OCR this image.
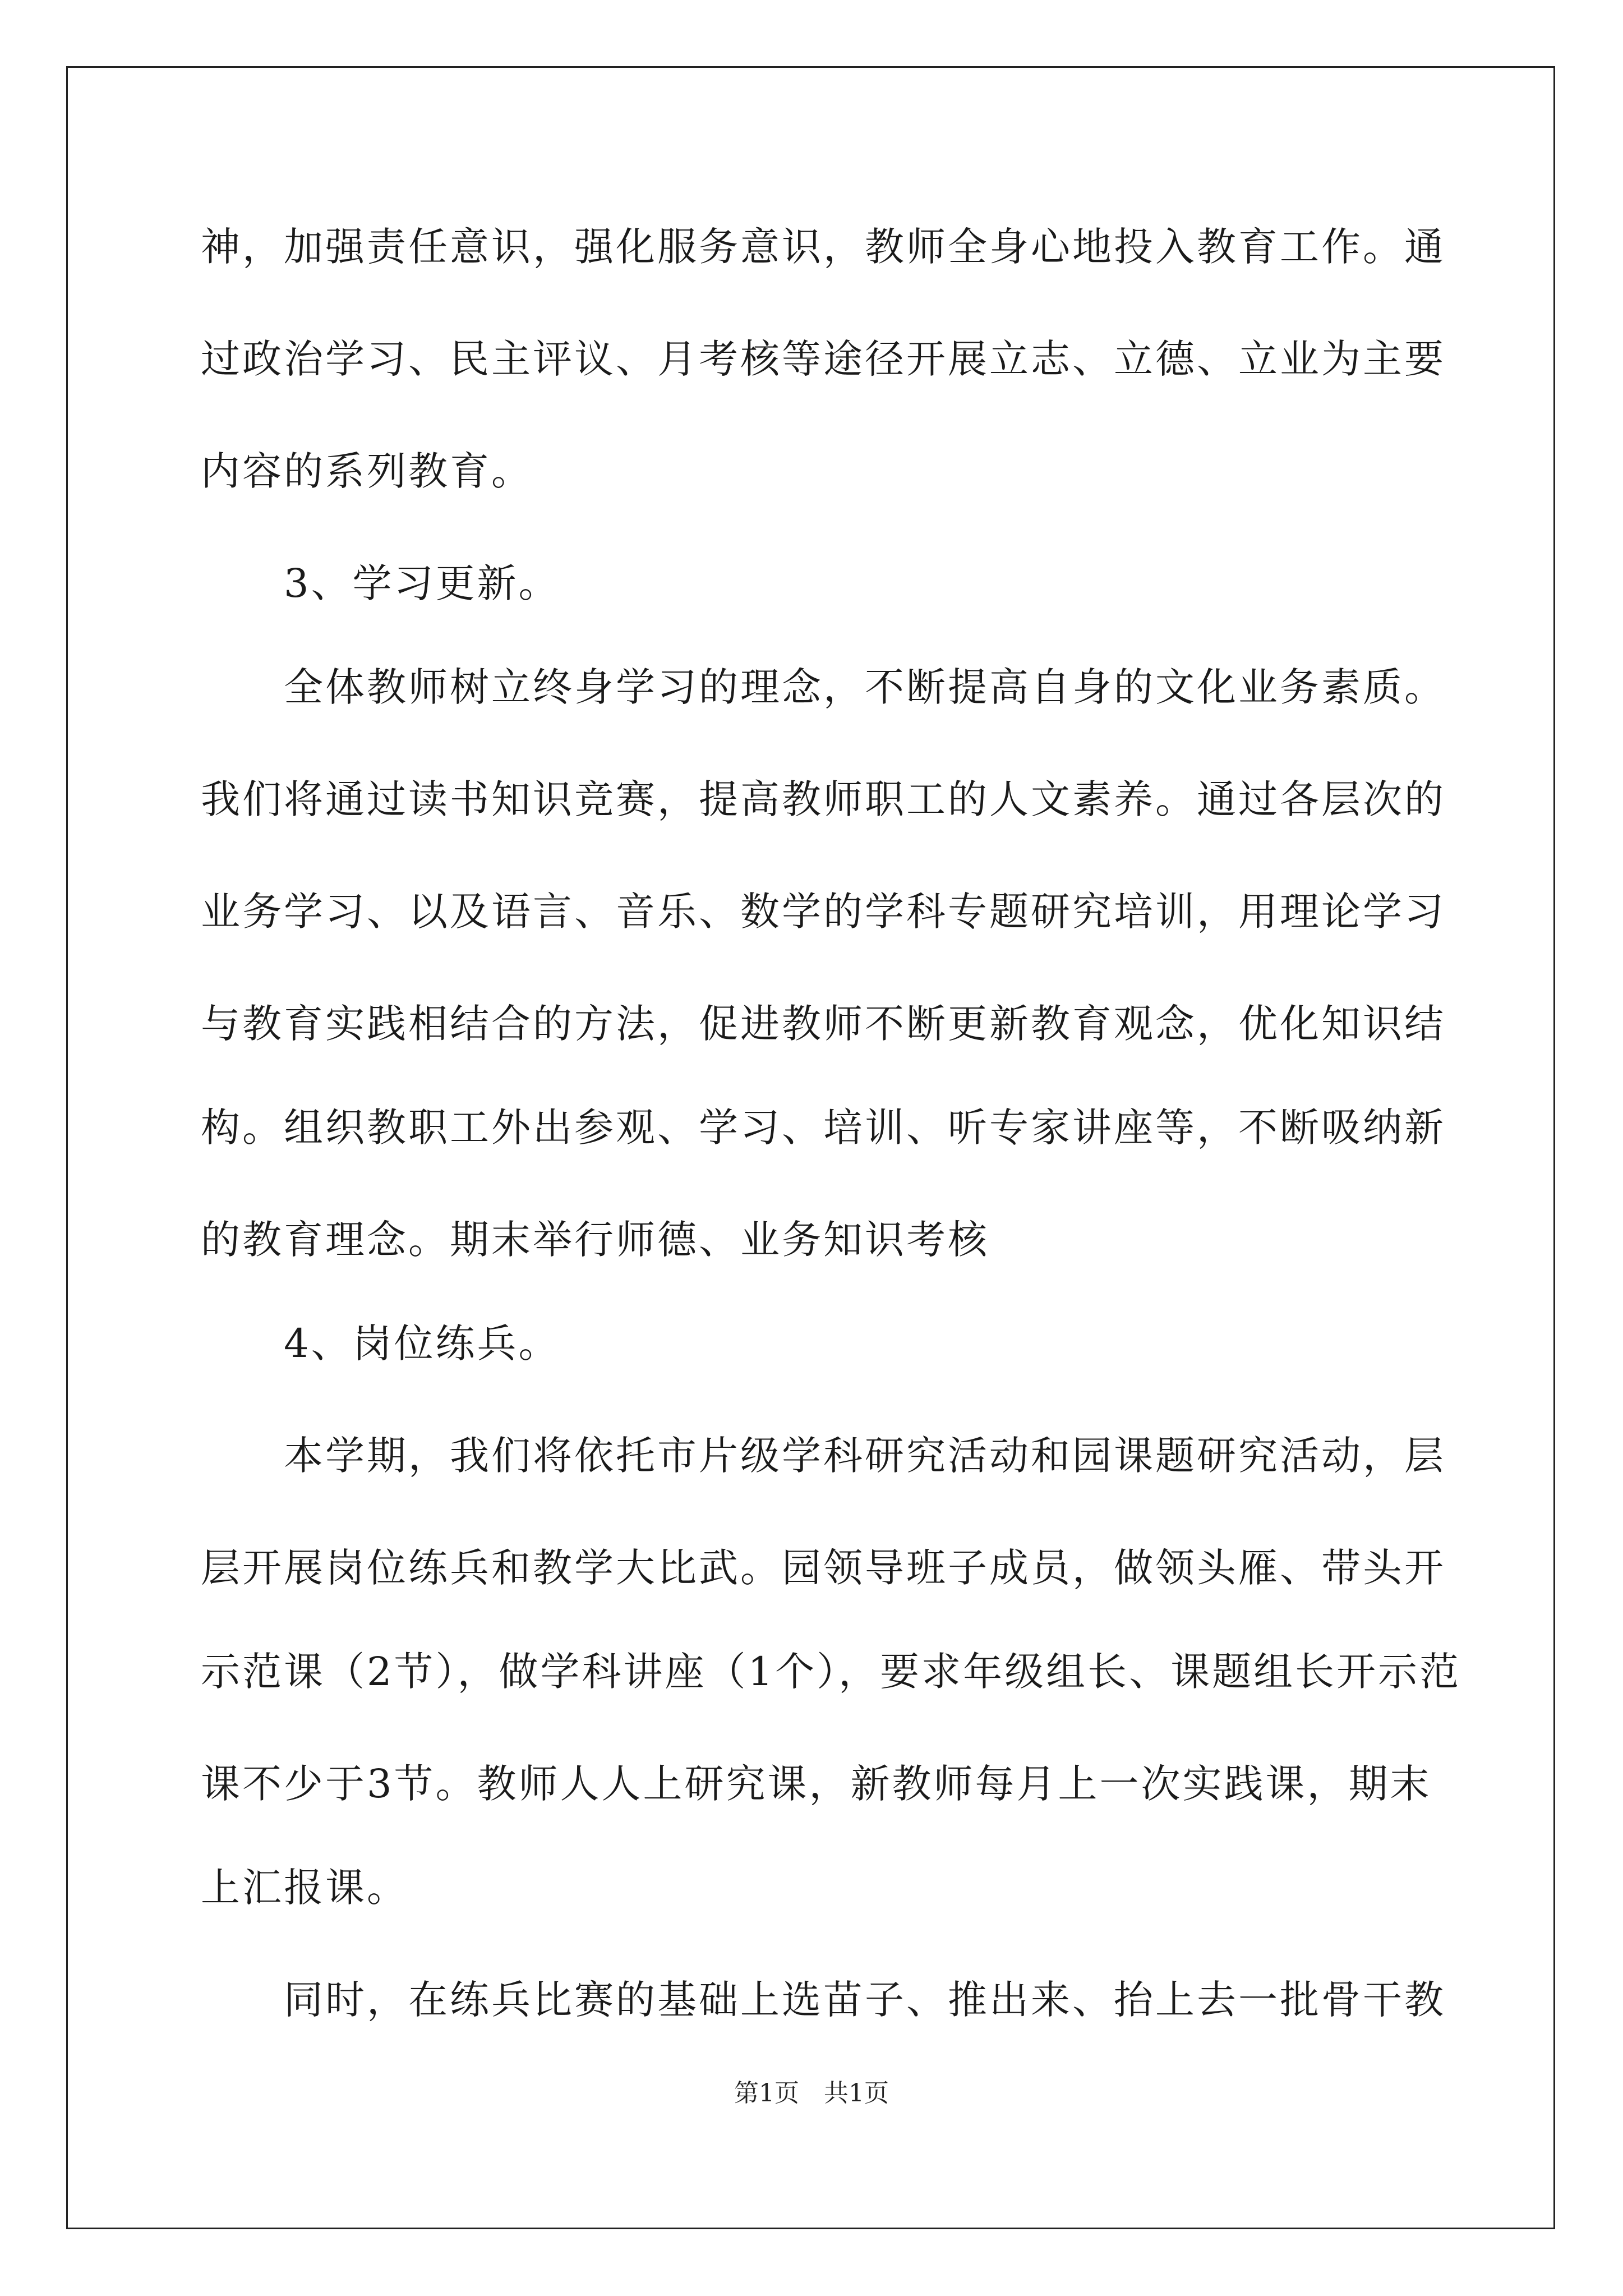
神，加强责任意识，强化服务意识，教师全身心地投入教育工作。通
过政治学习、民主评议、月考核等途径开展立志、立德、立业为主要
内容的系列教育。
　　3、学习更新。
　　全体教师树立终身学习的理念，不断提高自身的文化业务素质。
我们将通过读书知识竞赛，提高教师职工的人文素养。通过各层次的
业务学习、以及语言、音乐、数学的学科专题研究培训，用理论学习
与教育实践相结合的方法，促进教师不断更新教育观念，优化知识结
构。组织教职工外出参观、学习、培训、听专家讲座等，不断吸纳新
的教育理念。期末举行师德、业务知识考核
　　4、岗位练兵。
　　本学期，我们将依托市片级学科研究活动和园课题研究活动，层
层开展岗位练兵和教学大比武。园领导班子成员，做领头雁、带头开
示范课（2节），做学科讲座（1个），要求年级组长、课题组长开示范
课不少于3节。教师人人上研究课，新教师每月上一次实践课，期末
上汇报课。
　　同时，在练兵比赛的基础上选苗子、推出来、抬上去一批骨干教
第1页　共1页
